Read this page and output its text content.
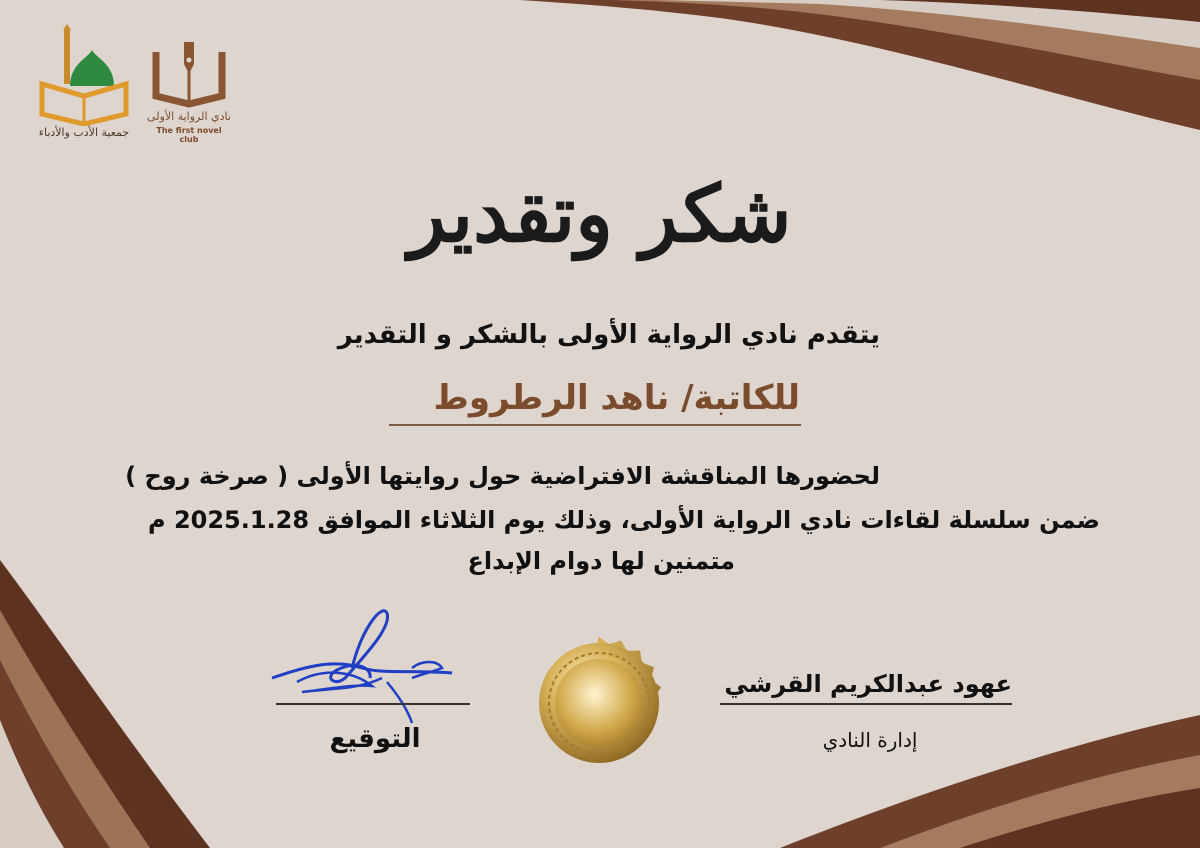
نادي الرواية الأولى
The first novel club
جمعية الأدب والأدباء
شكر وتقدير
يتقدم نادي الرواية الأولى بالشكر و التقدير
للكاتبة/ ناهد الرطروط
لحضورها المناقشة الافتراضية حول روايتها الأولى ( صرخة روح )
ضمن سلسلة لقاءات نادي الرواية الأولى، وذلك يوم الثلاثاء الموافق 2025.1.28 م
متمنين لها دوام الإبداع
عهود عبدالكريم القرشي
إدارة النادي
التوقيع
